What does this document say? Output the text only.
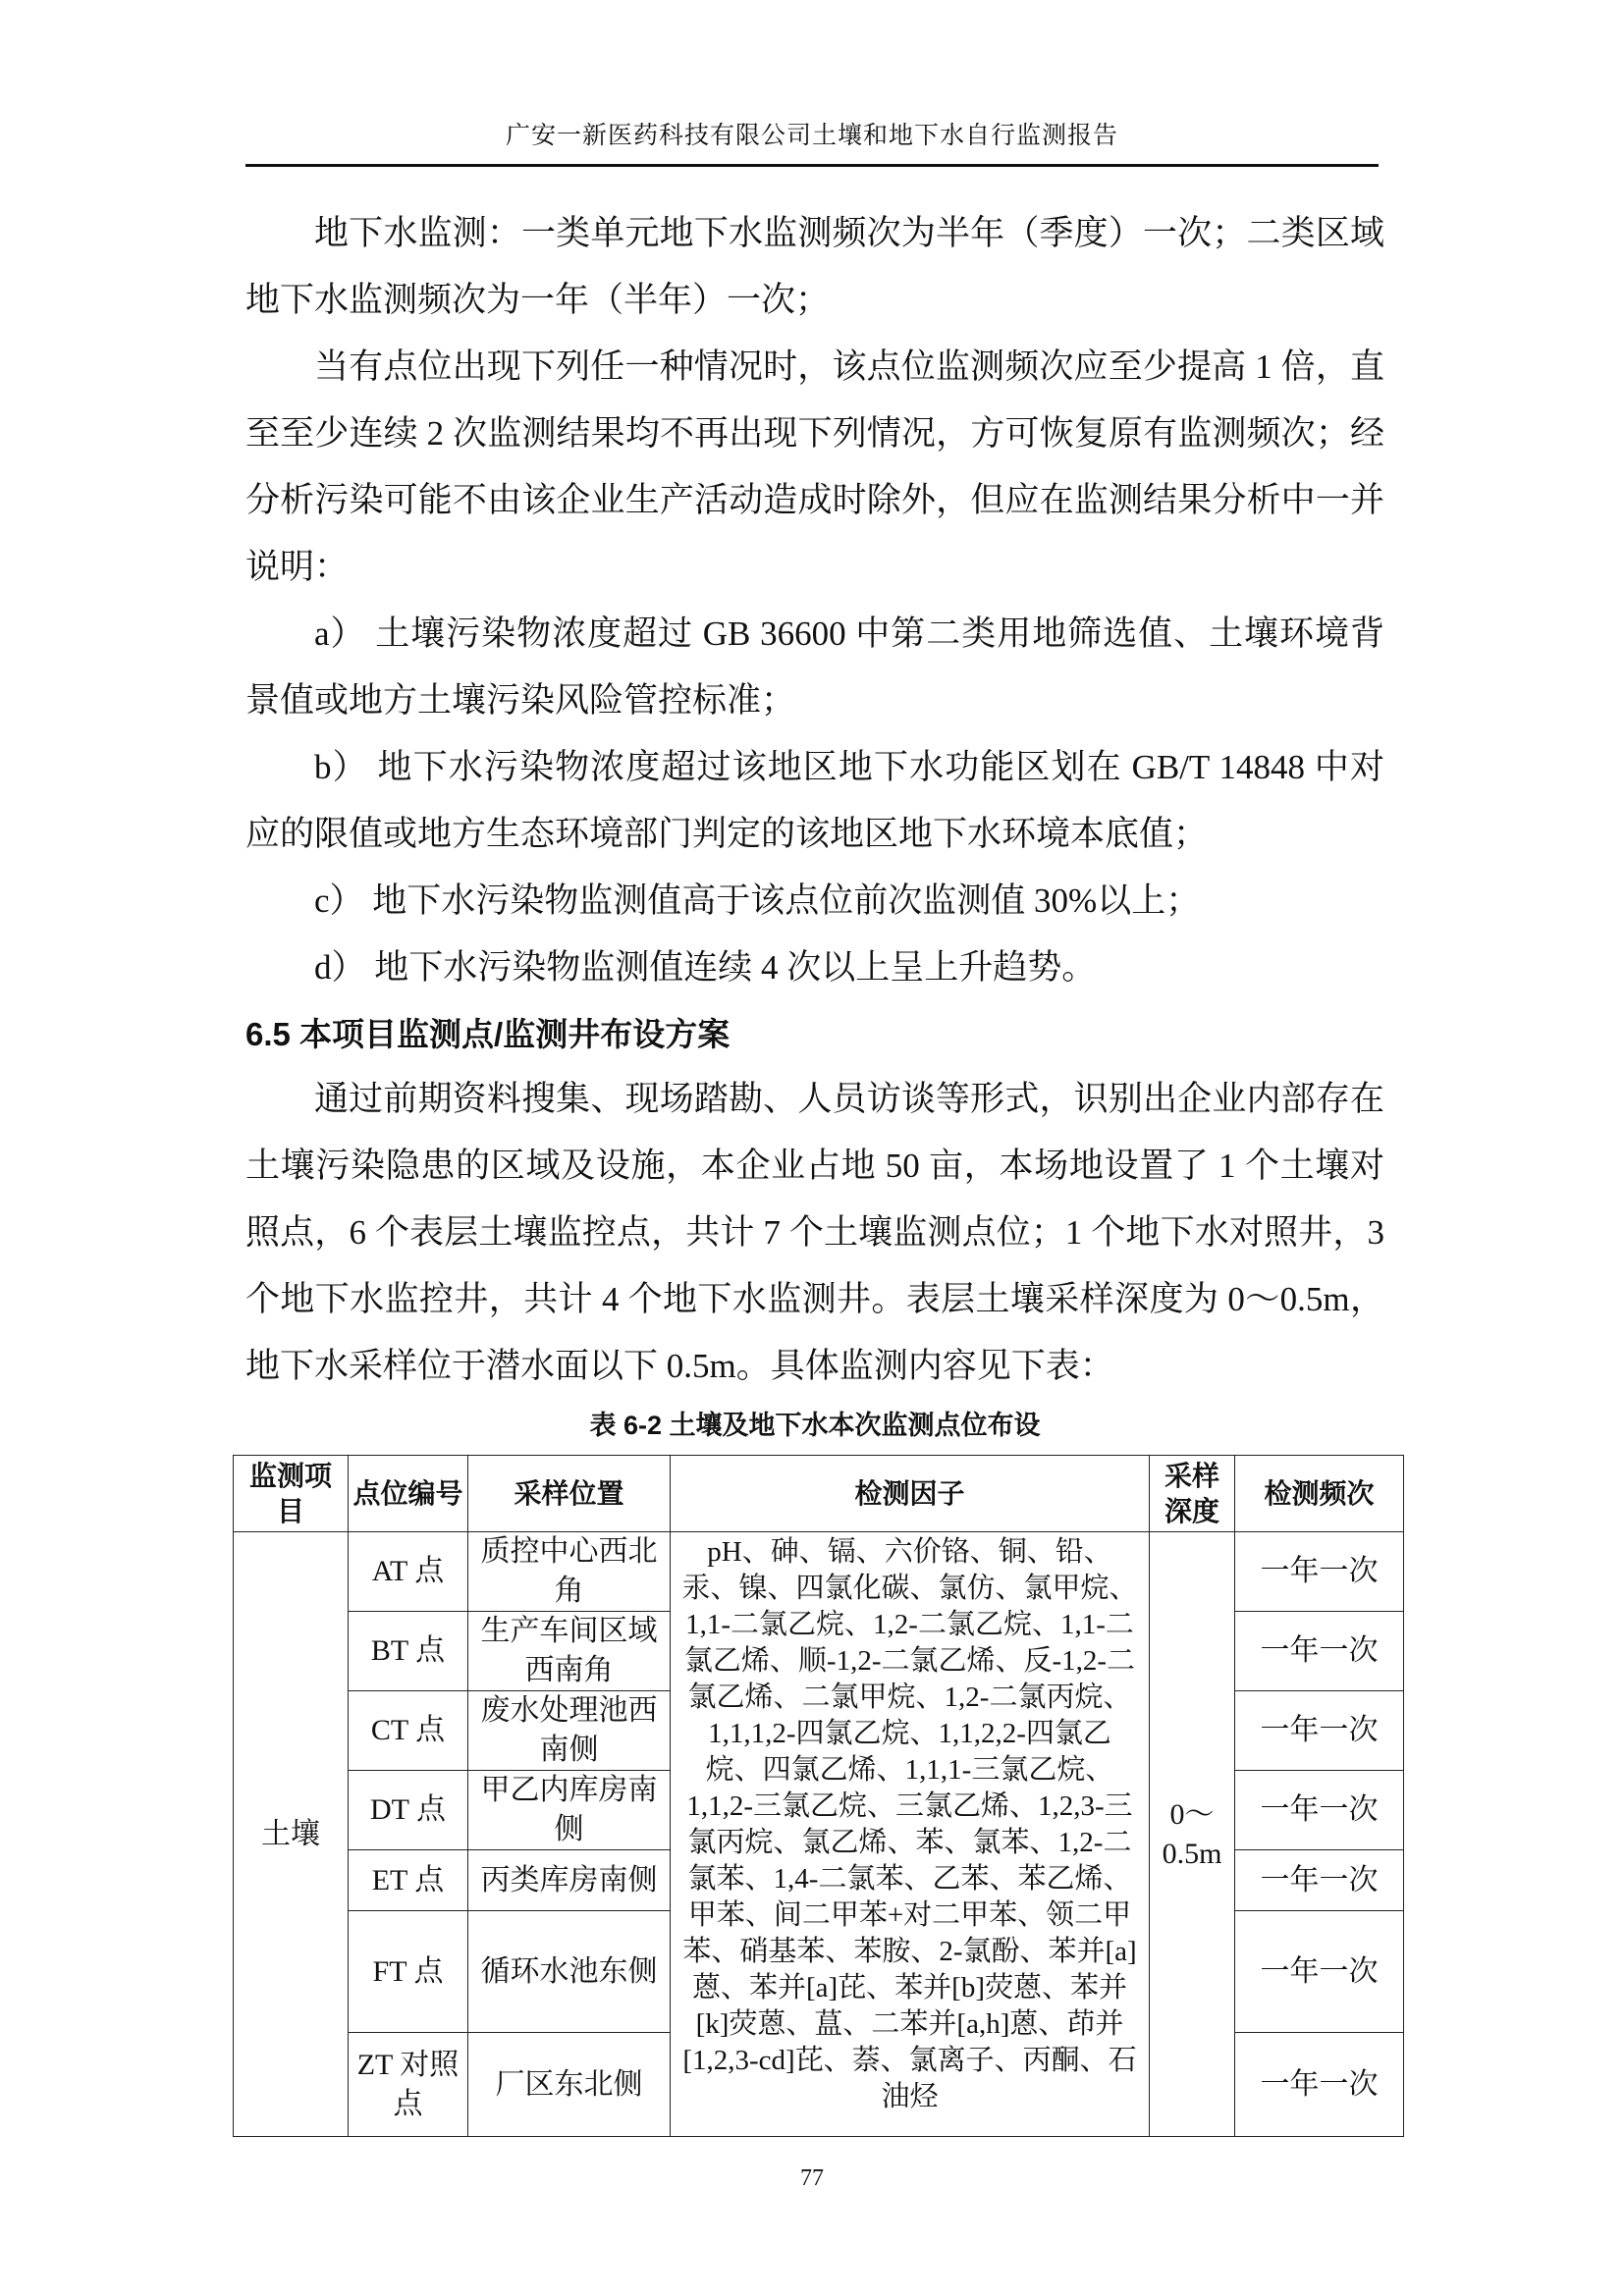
广安一新医药科技有限公司土壤和地下水自行监测报告

地下水监测：一类单元地下水监测频次为半年（季度）一次；二类区域地下水监测频次为一年（半年）一次；

当有点位出现下列任一种情况时，该点位监测频次应至少提高 1 倍，直至至少连续 2 次监测结果均不再出现下列情况，方可恢复原有监测频次；经分析污染可能不由该企业生产活动造成时除外，但应在监测结果分析中一并说明：

a） 土壤污染物浓度超过 GB 36600 中第二类用地筛选值、土壤环境背景值或地方土壤污染风险管控标准；

b） 地下水污染物浓度超过该地区地下水功能区划在 GB/T 14848 中对应的限值或地方生态环境部门判定的该地区地下水环境本底值；

c） 地下水污染物监测值高于该点位前次监测值 30%以上；

d） 地下水污染物监测值连续 4 次以上呈上升趋势。

6.5 本项目监测点/监测井布设方案

通过前期资料搜集、现场踏勘、人员访谈等形式，识别出企业内部存在土壤污染隐患的区域及设施，本企业占地 50 亩，本场地设置了 1 个土壤对照点，6 个表层土壤监控点，共计 7 个土壤监测点位；1 个地下水对照井，3 个地下水监控井，共计 4 个地下水监测井。表层土壤采样深度为 0～0.5m，地下水采样位于潜水面以下 0.5m。具体监测内容见下表：

表 6-2 土壤及地下水本次监测点位布设
监测项目	点位编号	采样位置	检测因子	采样深度	检测频次
土壤	AT 点	质控中心西北角	pH、砷、镉、六价铬、铜、铅、汞、镍、四氯化碳、氯仿、氯甲烷、1,1-二氯乙烷、1,2-二氯乙烷、1,1-二氯乙烯、顺-1,2-二氯乙烯、反-1,2-二氯乙烯、二氯甲烷、1,2-二氯丙烷、1,1,1,2-四氯乙烷、1,1,2,2-四氯乙烷、四氯乙烯、1,1,1-三氯乙烷、1,1,2-三氯乙烷、三氯乙烯、1,2,3-三氯丙烷、氯乙烯、苯、氯苯、1,2-二氯苯、1,4-二氯苯、乙苯、苯乙烯、甲苯、间二甲苯+对二甲苯、领二甲苯、硝基苯、苯胺、2-氯酚、苯并[a]蒽、苯并[a]芘、苯并[b]荧蒽、苯并[k]荧蒽、蒀、二苯并[a,h]蒽、茚并[1,2,3-cd]芘、萘、氯离子、丙酮、石油烃	0～0.5m	一年一次
	BT 点	生产车间区域西南角			一年一次
	CT 点	废水处理池西南侧			一年一次
	DT 点	甲乙内库房南侧			一年一次
	ET 点	丙类库房南侧			一年一次
	FT 点	循环水池东侧			一年一次
	ZT 对照点	厂区东北侧			一年一次
77
